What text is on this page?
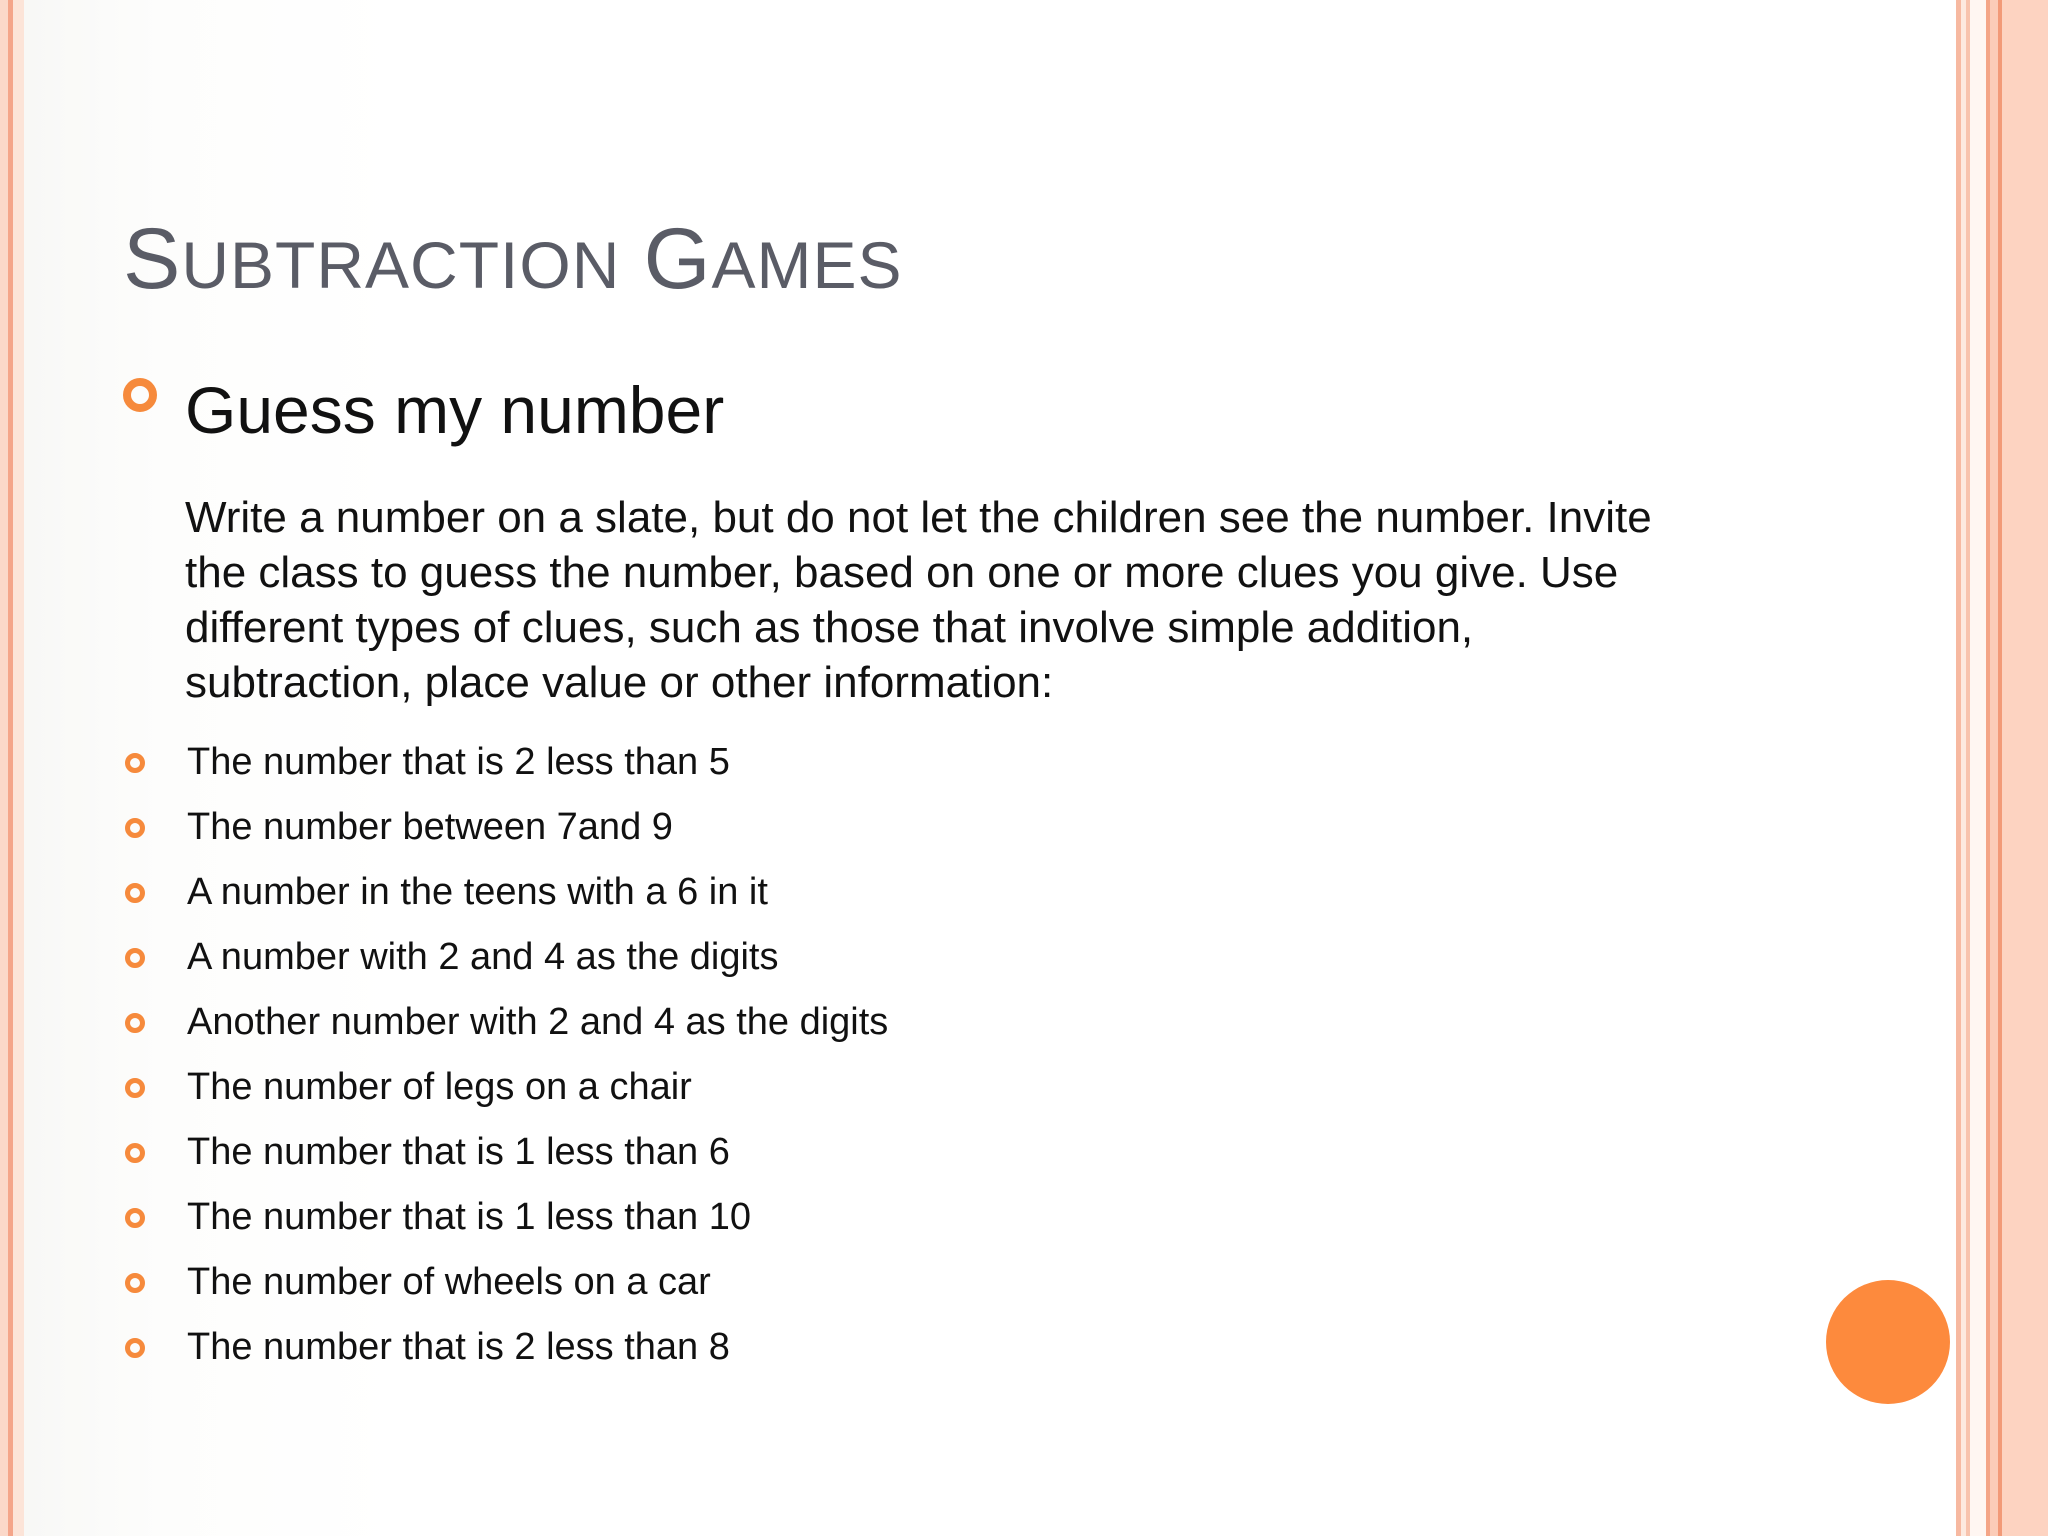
SUBTRACTION GAMES
Guess my number
Write a number on a slate, but do not let the children see the number. Invite
the class to guess the number, based on one or more clues you give. Use
different types of clues, such as those that involve simple addition,
subtraction, place value or other information:
The number that is 2 less than 5
The number between 7and 9
A number in the teens with a 6 in it
A number with 2 and 4 as the digits
Another number with 2 and 4 as the digits
The number of legs on a chair
The number that is 1 less than 6
The number that is 1 less than 10
The number of wheels on a car
The number that is 2 less than 8
